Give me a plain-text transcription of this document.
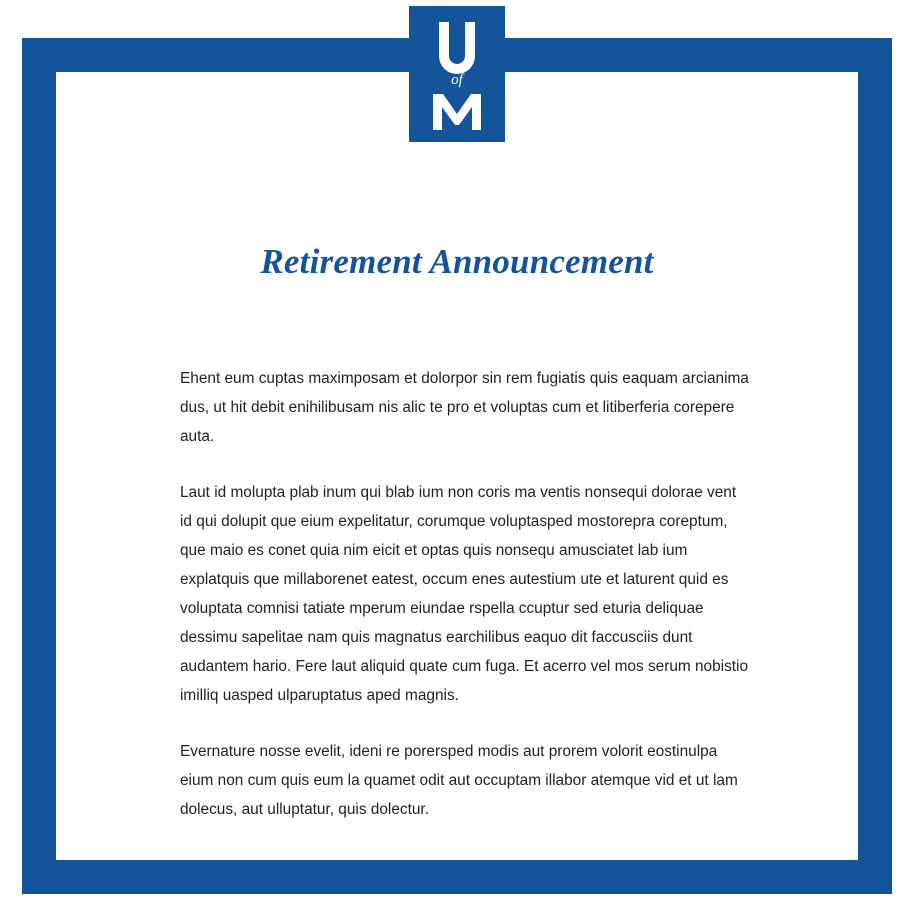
Retirement Announcement

Ehent eum cuptas maximposam et dolorpor sin rem fugiatis quis eaquam arcianima dus, ut hit debit enihilibusam nis alic te pro et voluptas cum et litiberferia corepere auta.

Laut id molupta plab inum qui blab ium non coris ma ventis nonsequi dolorae vent id qui dolupit que eium expelitatur, corumque voluptasped mostorepra coreptum, que maio es conet quia nim eicit et optas quis nonsequ amusciatet lab ium explatquis que millaborenet eatest, occum enes autestium ute et laturent quid es voluptata comnisi tatiate mperum eiundae rspella ccuptur sed eturia deliquae dessimu sapelitae nam quis magnatus earchilibus eaquo dit faccusciis dunt audantem hario. Fere laut aliquid quate cum fuga. Et acerro vel mos serum nobistio imilliq uasped ulparuptatus aped magnis.

Evernature nosse evelit, ideni re porersped modis aut prorem volorit eostinulpa eium non cum quis eum la quamet odit aut occuptam illabor atemque vid et ut lam dolecus, aut ulluptatur, quis dolectur.

of
